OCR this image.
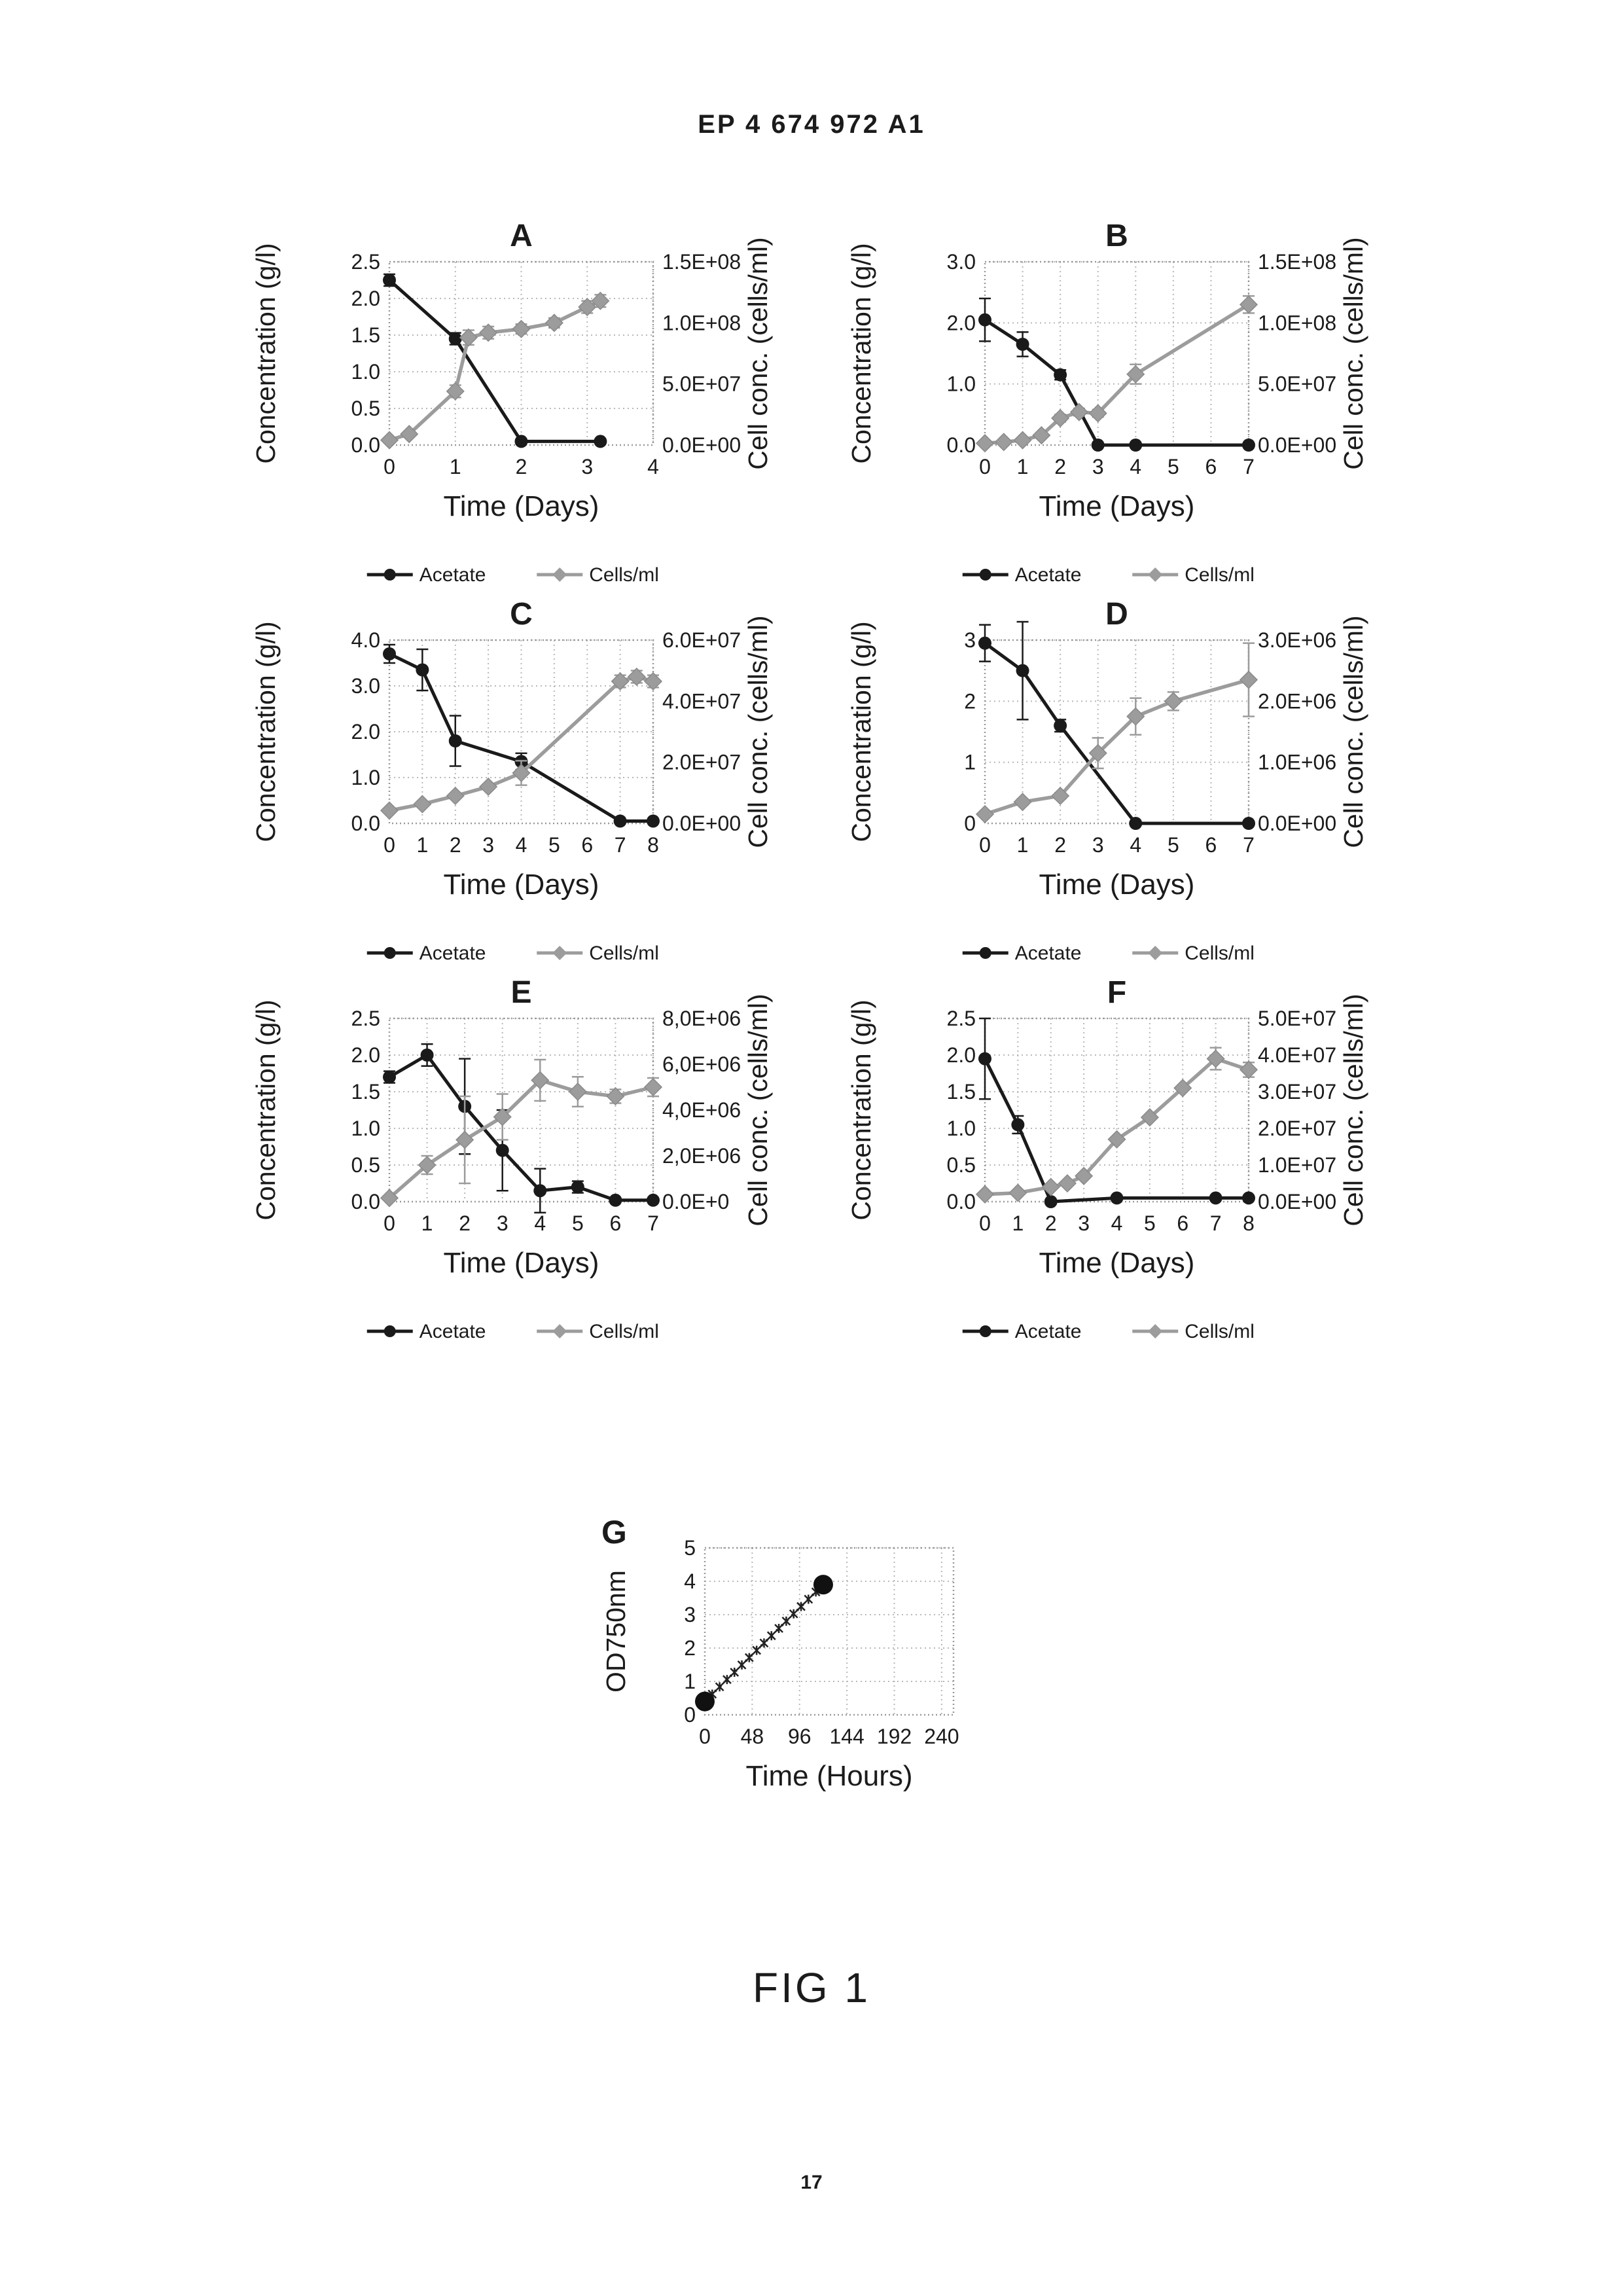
EP 4 674 972 A1
0.0
0.5
1.0
1.5
2.0
2.5
0.0E+00
5.0E+07
1.0E+08
1.5E+08
0	1	2	3	4
Concentration (g/l)	Cell conc. (cells/ml)
Time (Days)
A
Acetate	Cells/ml
0.0
1.0
2.0
3.0
0.0E+00
5.0E+07
1.0E+08
1.5E+08
0 1 2 3 4 5 6 7
Concentration (g/l)	Cell conc. (cells/ml)
Time (Days)
B
Acetate	Cells/ml
0.0
1.0
2.0
3.0
4.0
0.0E+00
2.0E+07
4.0E+07
6.0E+07
0 1 2 3 4 5 6 7 8
Concentration (g/l)	Cell conc. (cells/ml)
Time (Days)
C
Acetate	Cells/ml
0
1
2
3
0.0E+00
1.0E+06
2.0E+06
3.0E+06
0 1 2 3 4 5 6 7
Concentration (g/l)	Cell conc. (cells/ml)
Time (Days)
D
Acetate	Cells/ml
0.0
0.5
1.0
1.5
2.0
2.5
0.0E+0
2,0E+06
4,0E+06
6,0E+06
8,0E+06
0 1 2 3 4 5 6 7
Concentration (g/l)	Cell conc. (cells/ml)
Time (Days)
E
Acetate	Cells/ml
0.0
0.5
1.0
1.5
2.0
2.5
0.0E+00
1.0E+07
2.0E+07
3.0E+07
4.0E+07
5.0E+07
0 1 2 3 4 5 6 7 8
Concentration (g/l)	Cell conc. (cells/ml)
Time (Days)
F
Acetate	Cells/ml
0
1
2
3
4
5
0 48 96 144 192 240
OD750nm
Time (Hours)
G
FIG 1
17
